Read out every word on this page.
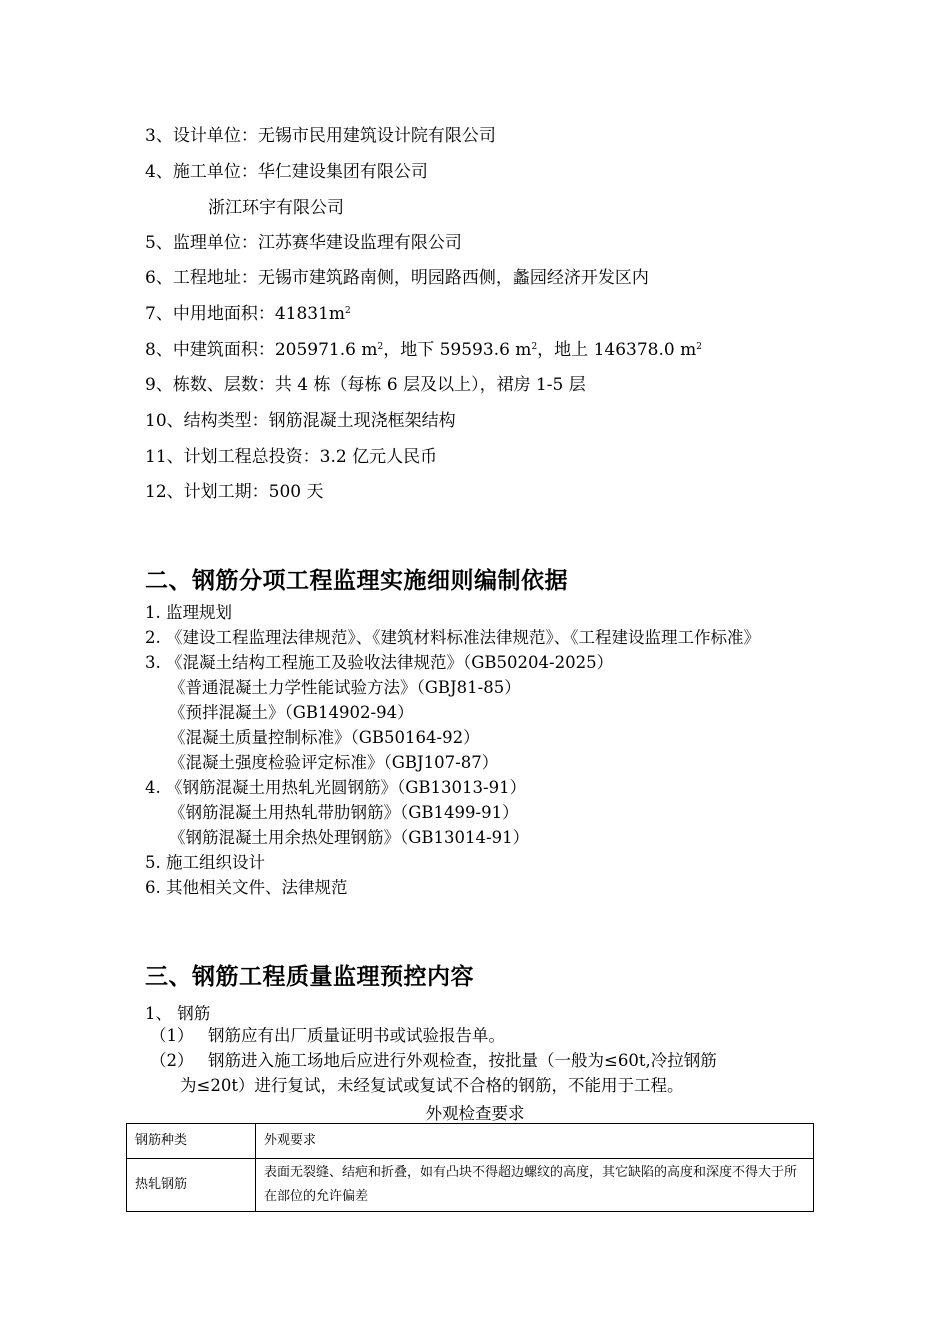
3、设计单位：无锡市民用建筑设计院有限公司
4、施工单位：华仁建设集团有限公司
浙江环宇有限公司
5、监理单位：江苏赛华建设监理有限公司
6、工程地址：无锡市建筑路南侧，明园路西侧，蠡园经济开发区内
7、中用地面积：$41831m^2$
8、中建筑面积：205971.6 $m^2$，地下 59593.6 $m^2$，地上 146378.0 $m^2$
9、栋数、层数：共 4 栋（每栋 6 层及以上），裙房 1-5 层
10、结构类型：钢筋混凝土现浇框架结构
11、计划工程总投资：3.2 亿元人民币
12、计划工期：500 天
二、钢筋分项工程监理实施细则编制依据
1. 监理规划
2. 《建设工程监理法律规范》、《建筑材料标准法律规范》、《工程建设监理工作标准》
3. 《混凝土结构工程施工及验收法律规范》（GB50204-2025）
《普通混凝土力学性能试验方法》（GBJ81-85）
《预拌混凝土》（GB14902-94）
《混凝土质量控制标准》（GB50164-92）
《混凝土强度检验评定标准》（GBJ107-87）
4. 《钢筋混凝土用热轧光圆钢筋》（GB13013-91）
《钢筋混凝土用热轧带肋钢筋》（GB1499-91）
《钢筋混凝土用余热处理钢筋》（GB13014-91）
5. 施工组织设计
6. 其他相关文件、法律规范
三、钢筋工程质量监理预控内容
1、 钢筋
（1） 钢筋应有出厂质量证明书或试验报告单。
（2） 钢筋进入施工场地后应进行外观检查，按批量（一般为≤60t,冷拉钢筋
为≤20t）进行复试，未经复试或复试不合格的钢筋，不能用于工程。
外观检查要求
钢筋种类	外观要求
热轧钢筋	表面无裂缝、结疤和折叠，如有凸块不得超边螺纹的高度，其它缺陷的高度和深度不得大于所在部位的允许偏差
